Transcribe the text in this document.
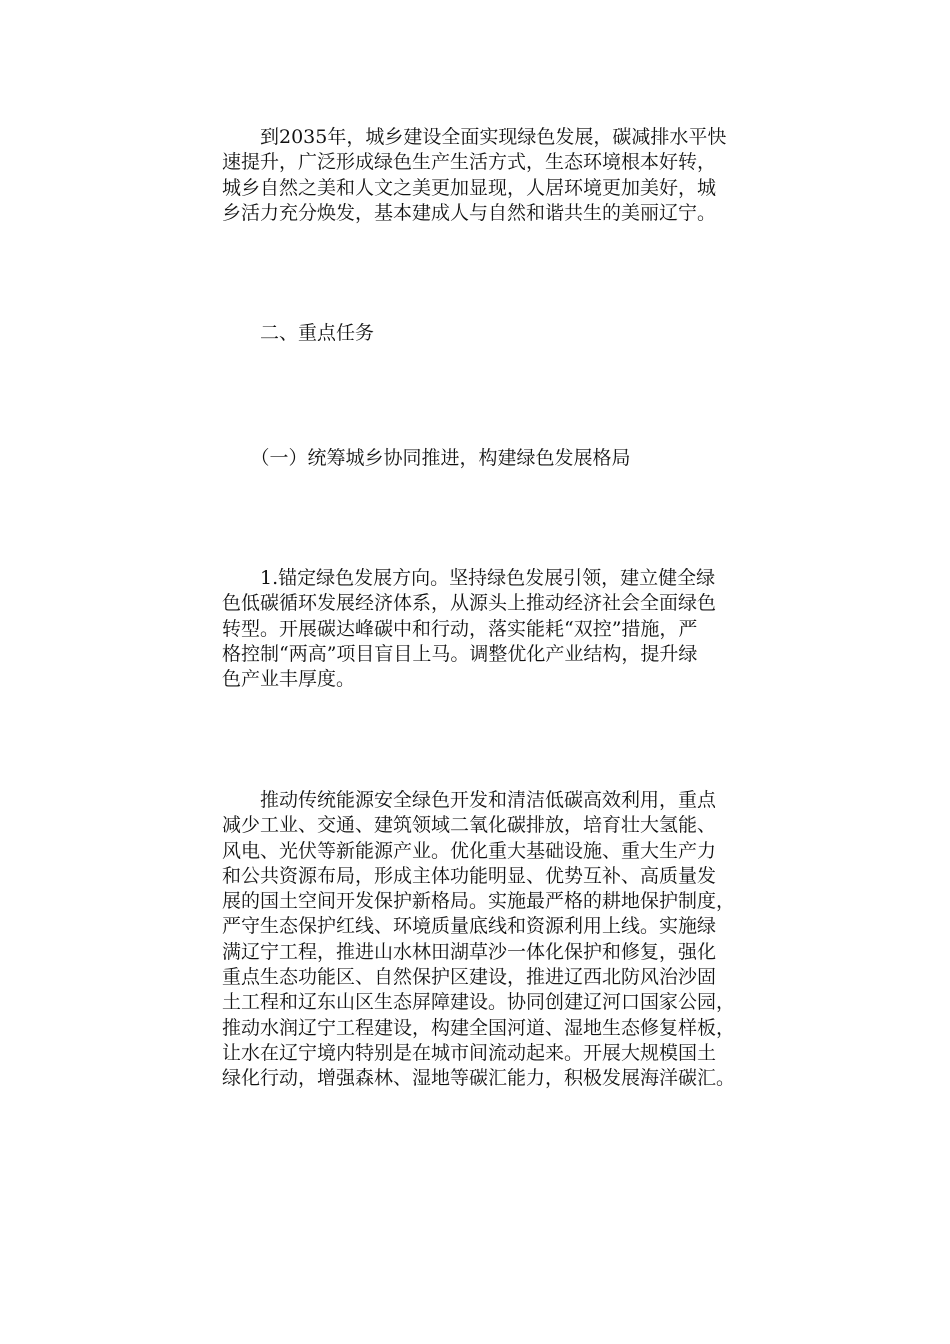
　　到2035年，城乡建设全面实现绿色发展，碳减排水平快
速提升，广泛形成绿色生产生活方式，生态环境根本好转，
城乡自然之美和人文之美更加显现，人居环境更加美好，城
乡活力充分焕发，基本建成人与自然和谐共生的美丽辽宁。

　　二、重点任务

　　（一）统筹城乡协同推进，构建绿色发展格局

　　1.锚定绿色发展方向。坚持绿色发展引领，建立健全绿
色低碳循环发展经济体系，从源头上推动经济社会全面绿色
转型。开展碳达峰碳中和行动，落实能耗“双控”措施，严
格控制“两高”项目盲目上马。调整优化产业结构，提升绿
色产业丰厚度。

　　推动传统能源安全绿色开发和清洁低碳高效利用，重点
减少工业、交通、建筑领域二氧化碳排放，培育壮大氢能、
风电、光伏等新能源产业。优化重大基础设施、重大生产力
和公共资源布局，形成主体功能明显、优势互补、高质量发
展的国土空间开发保护新格局。实施最严格的耕地保护制度，
严守生态保护红线、环境质量底线和资源利用上线。实施绿
满辽宁工程，推进山水林田湖草沙一体化保护和修复，强化
重点生态功能区、自然保护区建设，推进辽西北防风治沙固
土工程和辽东山区生态屏障建设。协同创建辽河口国家公园，
推动水润辽宁工程建设，构建全国河道、湿地生态修复样板，
让水在辽宁境内特别是在城市间流动起来。开展大规模国土
绿化行动，增强森林、湿地等碳汇能力，积极发展海洋碳汇。
